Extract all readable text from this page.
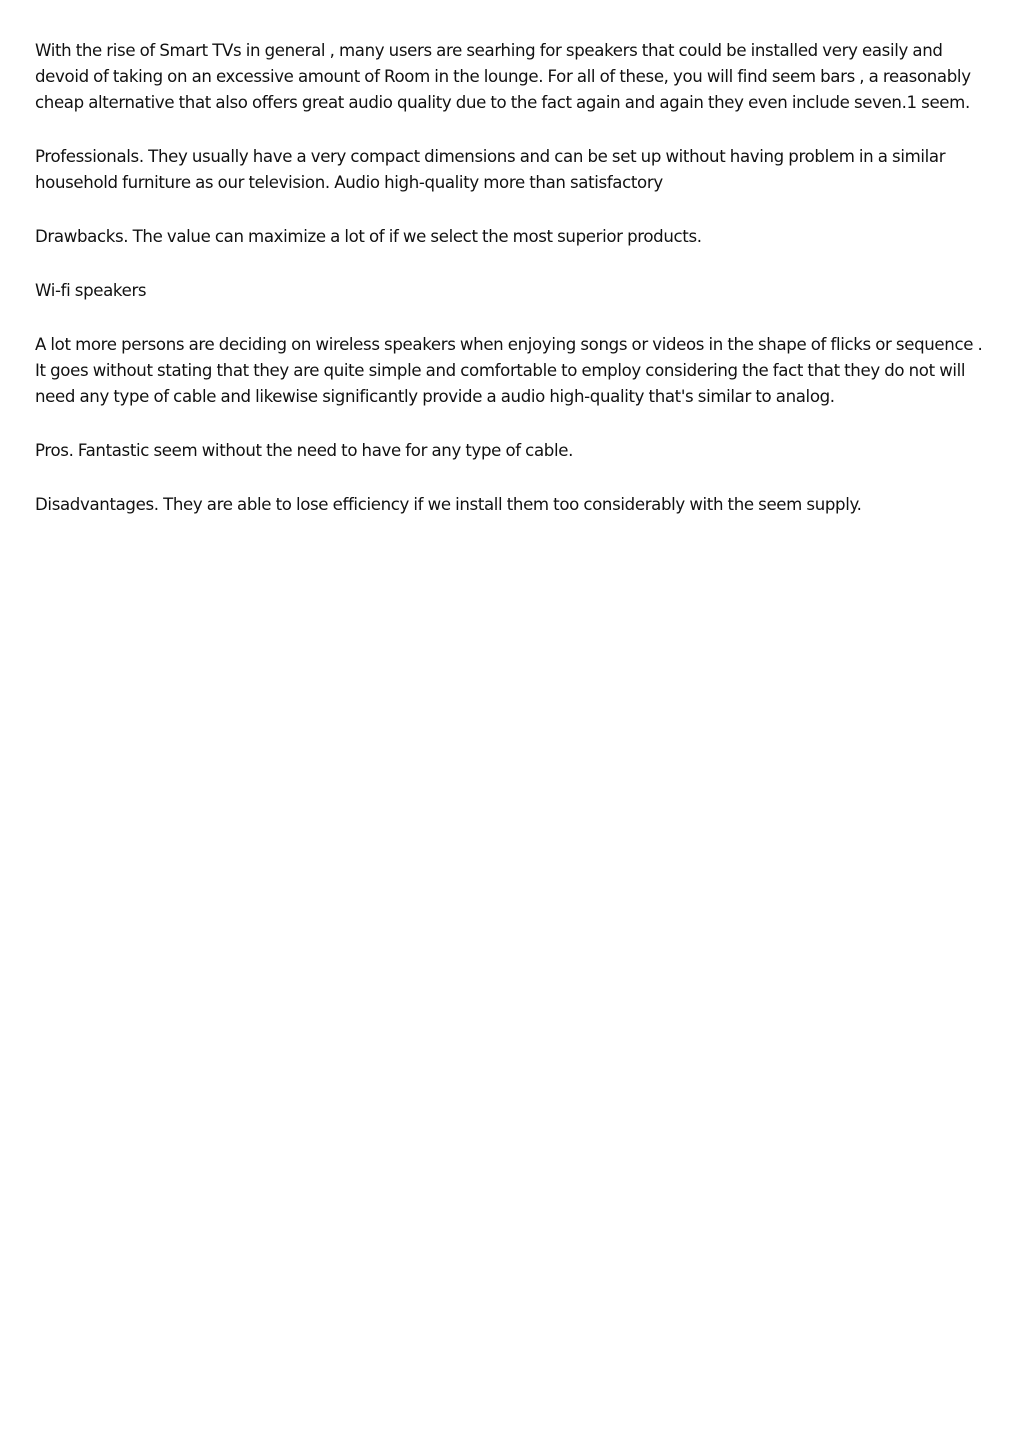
With the rise of Smart TVs in general , many users are searhing for speakers that could be installed very easily and devoid of taking on an excessive amount of Room in the lounge. For all of these, you will find seem bars , a reasonably cheap alternative that also offers great audio quality due to the fact again and again they even include seven.1 seem.

Professionals. They usually have a very compact dimensions and can be set up without having problem in a similar household furniture as our television. Audio high-quality more than satisfactory

Drawbacks. The value can maximize a lot of if we select the most superior products.

Wi-fi speakers

A lot more persons are deciding on wireless speakers when enjoying songs or videos in the shape of flicks or sequence . It goes without stating that they are quite simple and comfortable to employ considering the fact that they do not will need any type of cable and likewise significantly provide a audio high-quality that's similar to analog.

Pros. Fantastic seem without the need to have for any type of cable.

Disadvantages. They are able to lose efficiency if we install them too considerably with the seem supply.
